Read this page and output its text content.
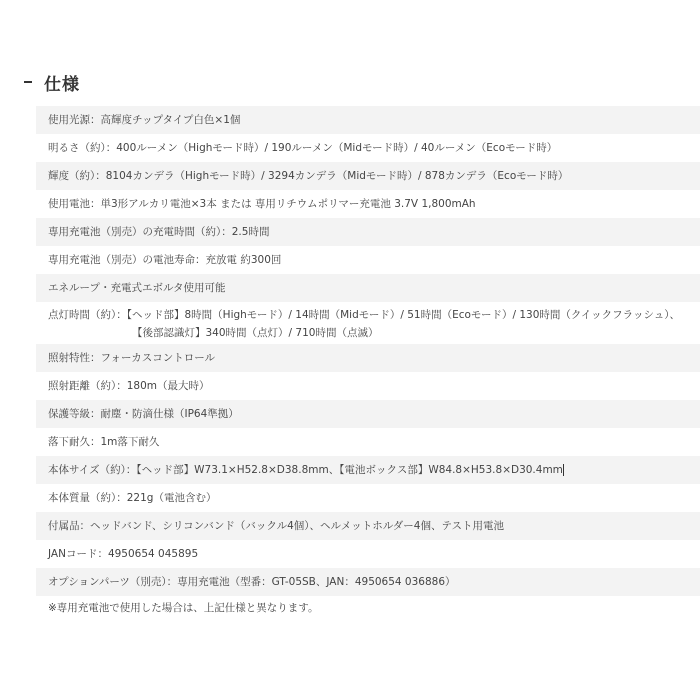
仕様
使用光源：高輝度チップタイプ白色×1個
明るさ（約）：400ルーメン（Highモード時）/ 190ルーメン（Midモード時）/ 40ルーメン（Ecoモード時）
輝度（約）：8104カンデラ（Highモード時）/ 3294カンデラ（Midモード時）/ 878カンデラ（Ecoモード時）
使用電池：単3形アルカリ電池×3本 または 専用リチウムポリマー充電池 3.7V 1,800mAh
専用充電池（別売）の充電時間（約）：2.5時間
専用充電池（別売）の電池寿命：充放電 約300回
エネループ・充電式エボルタ使用可能
点灯時間（約）：【ヘッド部】8時間（Highモード）/ 14時間（Midモード）/ 51時間（Ecoモード）/ 130時間（クイックフラッシュ）、
【後部認識灯】340時間（点灯）/ 710時間（点滅）
照射特性：フォーカスコントロール
照射距離（約）：180m（最大時）
保護等級：耐塵・防滴仕様（IP64準拠）
落下耐久：1m落下耐久
本体サイズ（約）：【ヘッド部】W73.1×H52.8×D38.8mm、【電池ボックス部】W84.8×H53.8×D30.4mm
本体質量（約）：221g（電池含む）
付属品：ヘッドバンド、シリコンバンド（バックル4個）、ヘルメットホルダー4個、テスト用電池
JANコード：4950654 045895
オプションパーツ（別売）：専用充電池（型番：GT-05SB、JAN：4950654 036886）
※専用充電池で使用した場合は、上記仕様と異なります。
